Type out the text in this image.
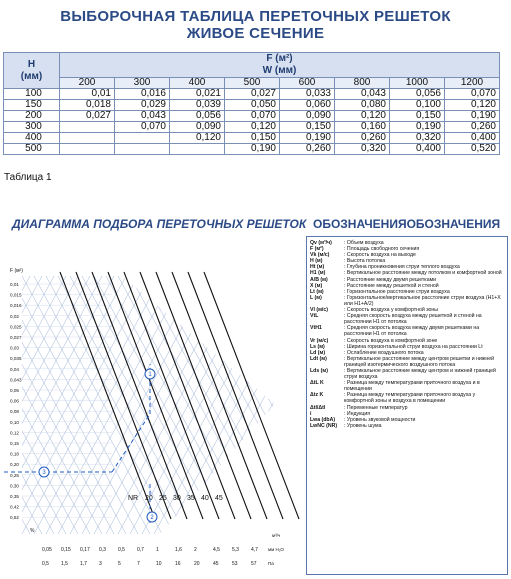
ВЫБОРОЧНАЯ ТАБЛИЦА ПЕРЕТОЧНЫХ РЕШЕТОК
ЖИВОЕ СЕЧЕНИЕ
H
(мм)	F (м²)
W (мм)							
	200	300	400	500	600	800	1000	1200
100	0,01	0,016	0,021	0,027	0,033	0,043	0,056	0,070
150	0,018	0,029	0,039	0,050	0,060	0,080	0,100	0,120
200	0,027	0,043	0,056	0,070	0,090	0,120	0,150	0,190
300		0,070	0,090	0,120	0,150	0,160	0,190	0,260
400			0,120	0,150	0,190	0,260	0,320	0,400
500				0,190	0,260	0,320	0,400	0,520
Таблица 1
ДИАГРАММА ПОДБОРА ПЕРЕТОЧНЫХ РЕШЕТОК ОБОЗНАЧЕНИЯОБОЗНАЧЕНИЯ
0,01
0,015
0,016
0,02
0,025
0,027
0,03
0,035
0,04
0,043
0,05
0,06
0,08
0,10
0,12
0,15
0,18
0,20
0,25
0,30
0,35
0,42
0,52
F (м²)
NR 20 25 30 35 40 45
1
2
3
%
м³/ч
0,05 0,15 0,17 0,3 0,5 0,7 1	1,6 2	4,5 5,3 4,7 мм H₂O
0,5 1,5 1,7 3	5	7	10	16	20	45	53	57	Па
Qv (м³/ч)	: Объем воздуха
F (м²)	: Площадь свободного сечения
Vk (м/с)	: Скорость воздуха на выходе
H (м)	: Высота потолка
Ht (м)	: Глубина проникновения струи теплого воздуха
H1 (м)	: Вертикальное расстояние между потолком и комфортной зоной
A/B (м)	: Расстояние между двумя решетками
X (м)	: Расстояние между решеткой и стеной
Lt (м)	: Горизонтальное расстояние струи воздуха
L (м)	: Горизонтальное/вертикальное расстояние струи воздуха (H1+X или H1+A/2)
Vl (м/с)	: Скорость воздуха у комфортной зоны
VtL	: Средняя скорость воздуха между решеткой и стеной на расстоянии H1 от потолка
VtH1	: Средняя скорость воздуха между двумя решетками на расстоянии H1 от потолка
Vr (м/с)	: Скорость воздуха в комфортной зоне
Ls (м)	: Ширина горизонтальной струи воздуха на расстоянии Lt
Ld (м)	: Ослабление воздушного потока
Ldt (м)	: Вертикальное расстояние между центром решетки и нижней границей изотермического воздушного потока
Lds (м)	: Вертикальное расстояние между центром и нижней границей струи воздуха
ΔtL K	: Разница между температурами приточного воздуха и в помещении
Δtz K	: Разница между температурами приточного воздуха у комфортной зоны и воздуха в помещении
Δtl/Δtl	: Переменные температур
i	: Индукция
Lwa (dbA)	: Уровень звуковой мощности
LwNC (NR)	: Уровень шума
